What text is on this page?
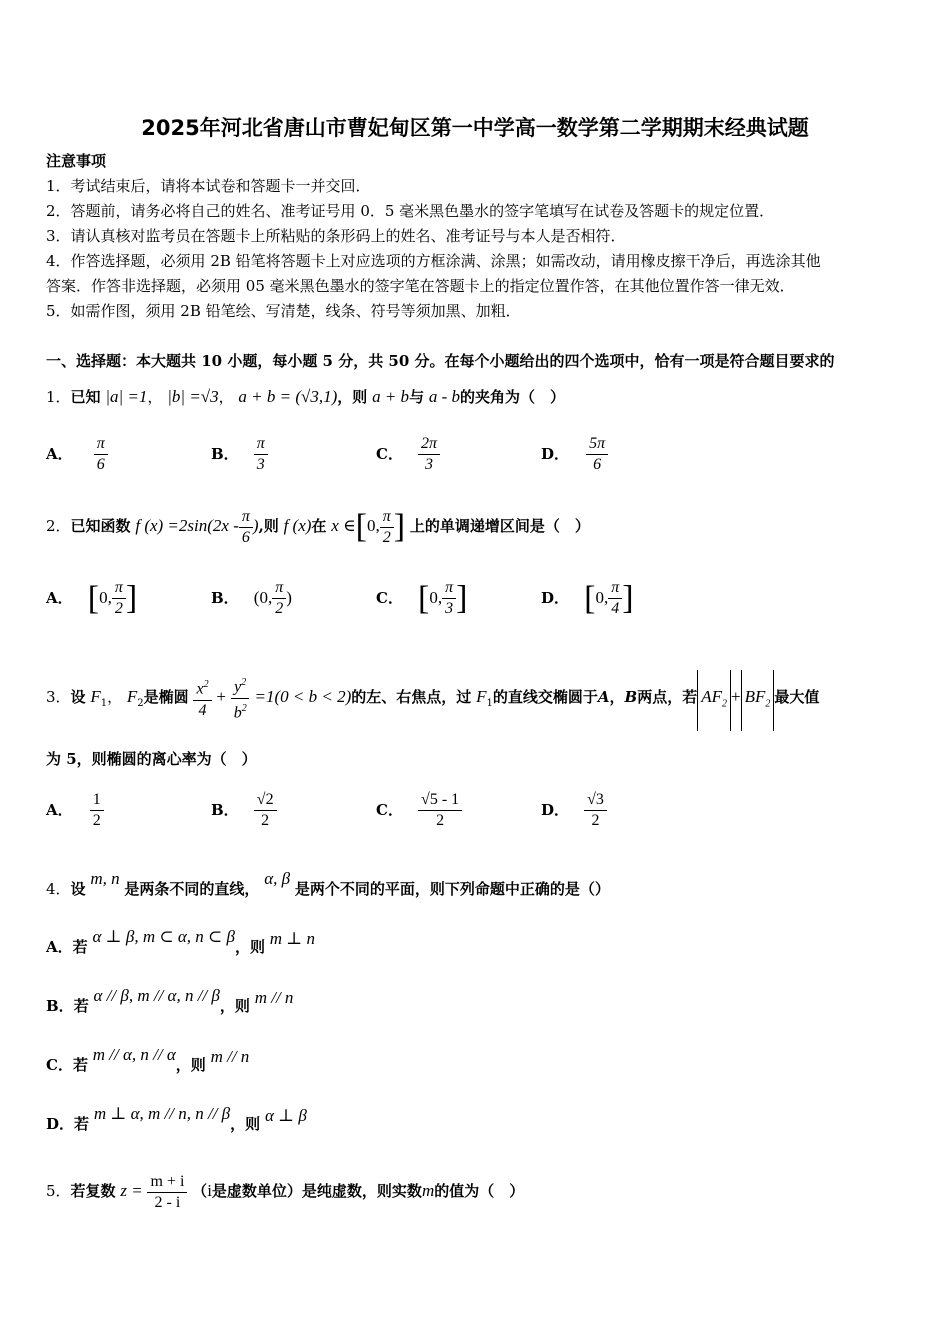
2025年河北省唐山市曹妃甸区第一中学高一数学第二学期期末经典试题
注意事项
1．考试结束后，请将本试卷和答题卡一并交回．
2．答题前，请务必将自己的姓名、准考证号用 0．5 毫米黑色墨水的签字笔填写在试卷及答题卡的规定位置．
3．请认真核对监考员在答题卡上所粘贴的条形码上的姓名、准考证号与本人是否相符．
4．作答选择题，必须用 2B 铅笔将答题卡上对应选项的方框涂满、涂黑；如需改动，请用橡皮擦干净后，再选涂其他
答案．作答非选择题，必须用 05 毫米黑色墨水的签字笔在答题卡上的指定位置作答，在其他位置作答一律无效．
5．如需作图，须用 2B 铅笔绘、写清楚，线条、符号等须加黑、加粗．
一、选择题：本大题共 10 小题，每小题 5 分，共 50 分。在每个小题给出的四个选项中，恰有一项是符合题目要求的
1．已知 |a| =1， |b| =√3， a + b = (√3,1)，则 a + b与 a - b的夹角为（　）
A． $\frac{\pi}{6}$	B． $\frac{\pi}{3}$	C． $\frac{2\pi}{3}$	D． $\frac{5\pi}{6}$
2．已知函数 f $(x) =2\sin(2x - \frac{\pi}{6}$ ),则 f (x)在 x ∈[0, $\frac{\pi}{2}$ ] 上的单调递增区间是（　）
A． [0, $\frac{\pi}{2}$ ]	B． (0, $\frac{\pi}{2}$ )	C． [0, $\frac{\pi}{3}$ ]	D． [0, $\frac{\pi}{4}$ ]
3．设 $F_1$， $F_2$是椭圆 $\frac{x^2}{4} + \frac{y^2}{b^2} =1(0 < b < 2)$的左、右焦点，过 $F_1$的直线交椭圆于A，B两点，若 $AF_2 + BF_2$ 最大值
为 5，则椭圆的离心率为（　）
A． $\frac{1}{2}$	B． $\frac{√2}{2}$	C． $\frac{√5 - 1}{2}$	D． $\frac{√3}{2}$
4．设 m, n 是两条不同的直线， α, β 是两个不同的平面，则下列命题中正确的是（）
A．若 α ⊥ β, m ⊂ α, n ⊂ β，则 m ⊥ n
B．若 α // β, m // α, n // β，则 m // n
C．若 m // α, n // α，则 m // n
D．若 m ⊥ α, m // n, n // β，则 α ⊥ β
5．若复数 $z = \frac{m + i}{2 - i} (i$是虚数单位）是纯虚数，则实数m的值为（　）
